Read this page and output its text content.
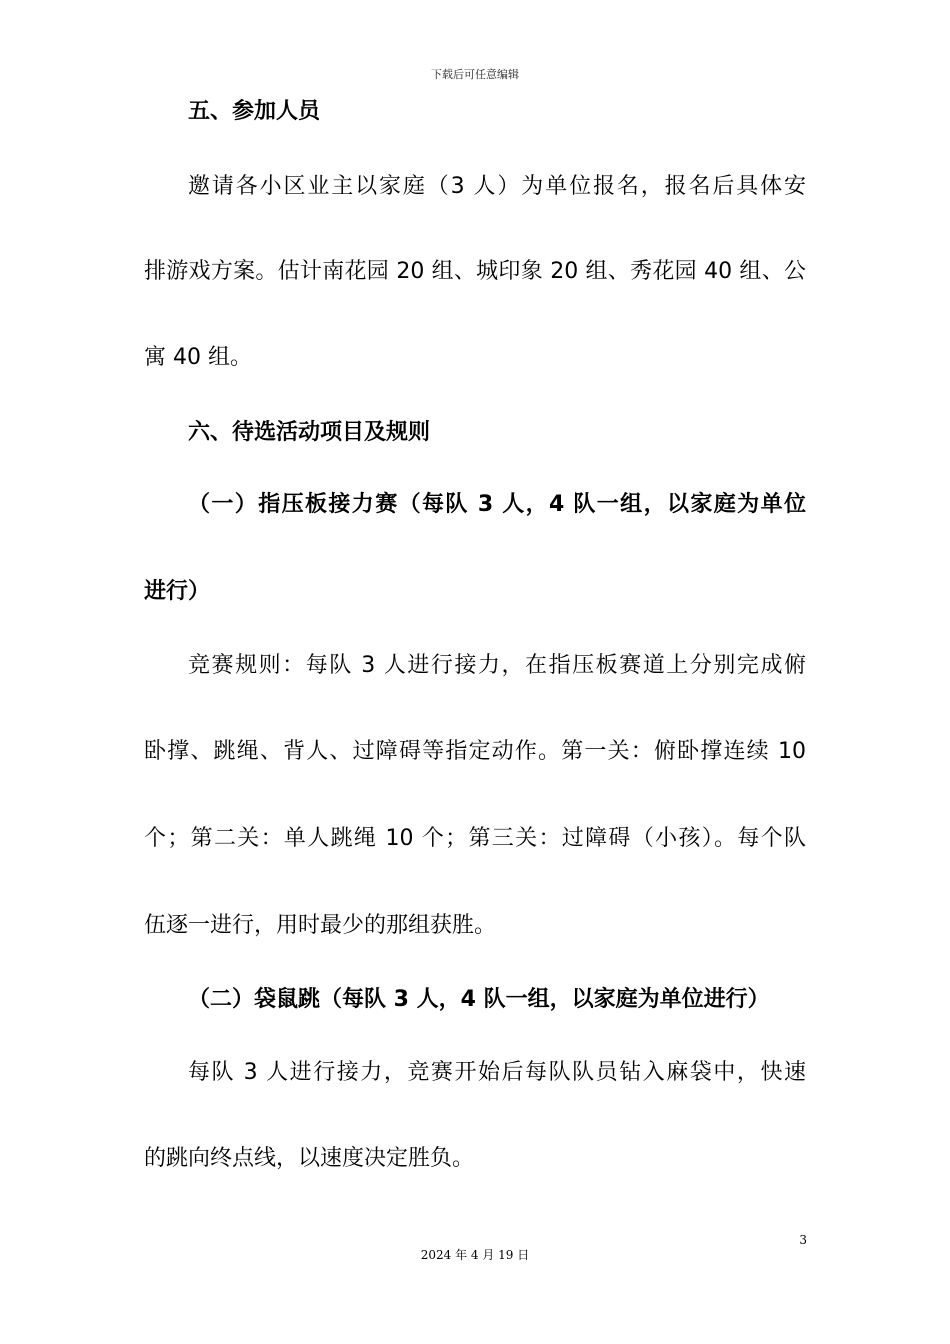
下载后可任意编辑
五、参加人员
邀请各小区业主以家庭（3 人）为单位报名，报名后具体安
排游戏方案。估计南花园 20 组、城印象 20 组、秀花园 40 组、公
寓 40 组。
六、待选活动项目及规则
（一）指压板接力赛（每队 3 人，4 队一组，以家庭为单位
进行）
竞赛规则：每队 3 人进行接力，在指压板赛道上分别完成俯
卧撑、跳绳、背人、过障碍等指定动作。第一关：俯卧撑连续 10
个；第二关：单人跳绳 10 个；第三关：过障碍（小孩）。每个队
伍逐一进行，用时最少的那组获胜。
（二）袋鼠跳（每队 3 人，4 队一组，以家庭为单位进行）
每队 3 人进行接力，竞赛开始后每队队员钻入麻袋中，快速
的跳向终点线，以速度决定胜负。
3
2024 年 4 月 19 日
